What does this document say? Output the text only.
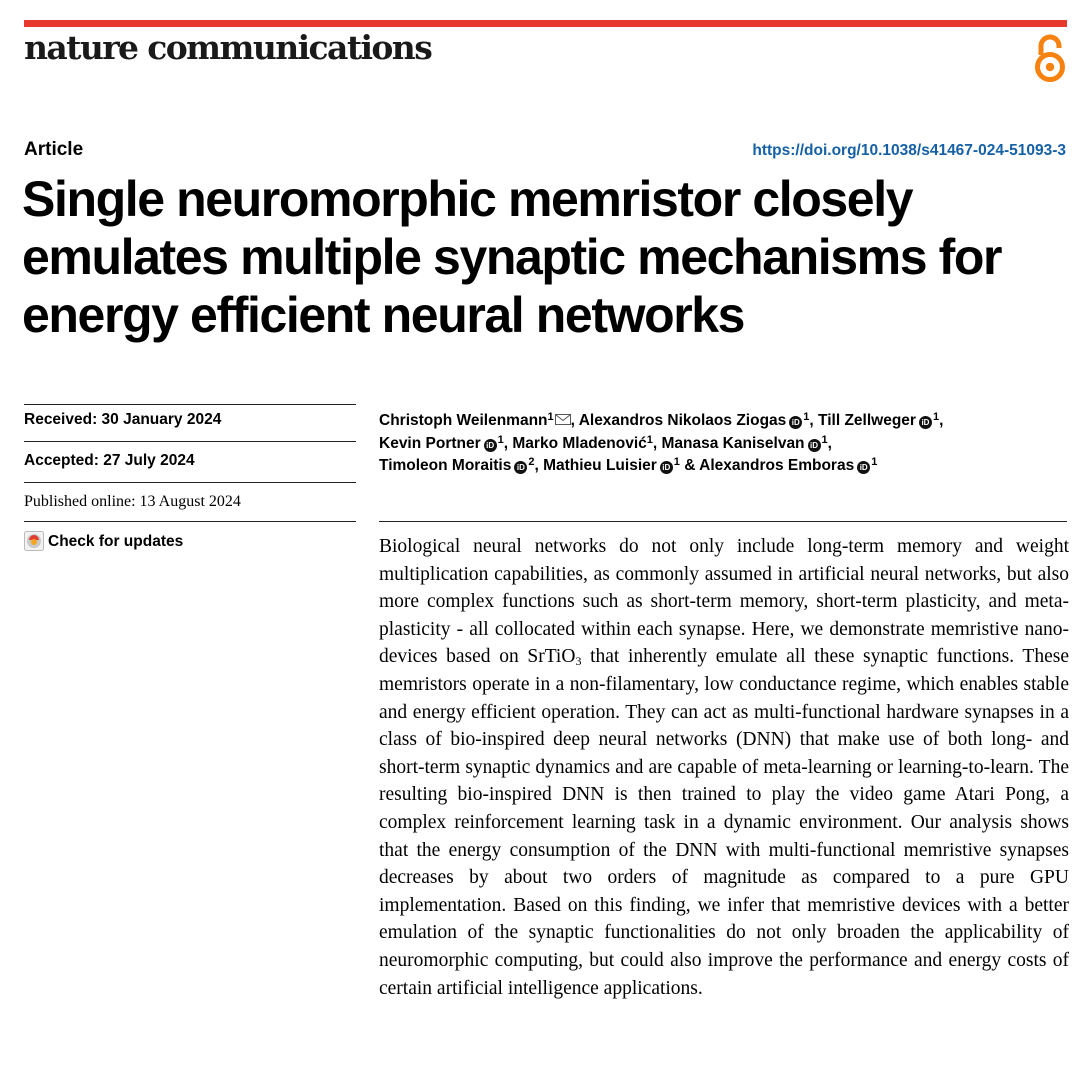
nature communications
Article	https://doi.org/10.1038/s41467-024-51093-3
Single neuromorphic memristor closely emulates multiple synaptic mechanisms for energy efficient neural networks
Received: 30 January 2024
Accepted: 27 July 2024
Published online: 13 August 2024
Check for updates
Christoph Weilenmann$^1$ , Alexandros Nikolaos Ziogas iD $^1$, Till Zellweger iD $^1$,
Kevin Portner iD $^1$, Marko Mladenović$^1$, Manasa Kaniselvan iD $^1$,
Timoleon Moraitis iD $^2$, Mathieu Luisier iD $^1$ & Alexandros Emboras iD $^1$

Biological neural networks do not only include long-term memory and weight multiplication capabilities, as commonly assumed in artificial neural networks, but also more complex functions such as short-term memory, short-term plasticity, and meta-plasticity - all collocated within each synapse. Here, we demonstrate memristive nano-devices based on SrTiO$_3$ that inherently emulate all these synaptic functions. These memristors operate in a non-filamentary, low conductance regime, which enables stable and energy efficient operation. They can act as multi-functional hardware synapses in a class of bio-inspired deep neural networks (DNN) that make use of both long- and short-term synaptic dynamics and are capable of meta-learning or learning-to-learn. The resulting bio-inspired DNN is then trained to play the video game Atari Pong, a complex reinforcement learning task in a dynamic environment. Our analysis shows that the energy consumption of the DNN with multi-functional memristive synapses decreases by about two orders of magnitude as compared to a pure GPU implementation. Based on this finding, we infer that memristive devices with a better emulation of the synaptic functionalities do not only broaden the applicability of neuromorphic computing, but could also improve the performance and energy costs of certain artificial intelligence applications.
